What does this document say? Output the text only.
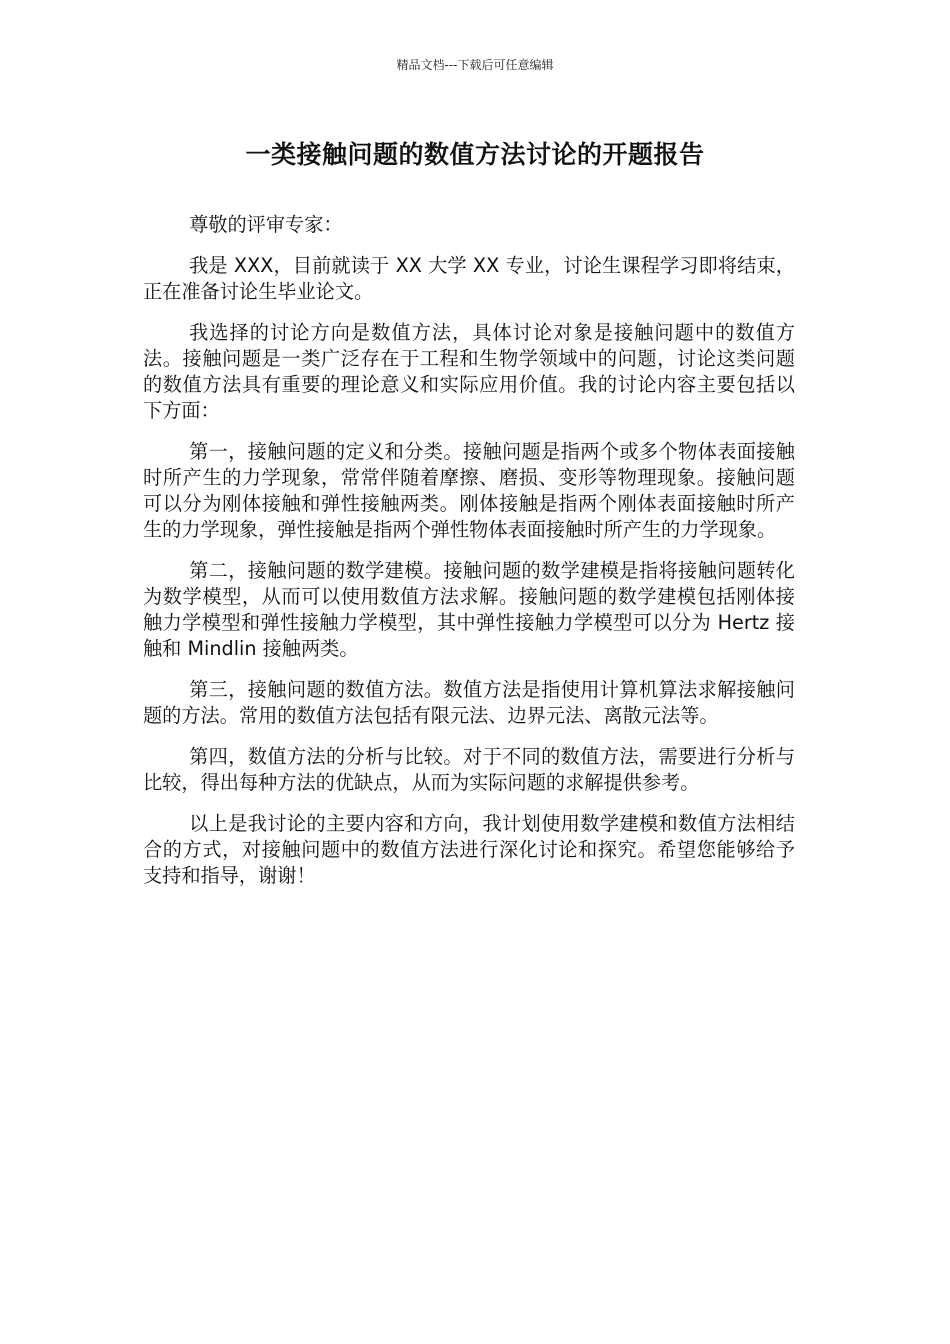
精品文档---下载后可任意编辑
一类接触问题的数值方法讨论的开题报告

尊敬的评审专家：

我是 XXX，目前就读于 XX 大学 XX 专业，讨论生课程学习即将结束，正在准备讨论生毕业论文。

我选择的讨论方向是数值方法，具体讨论对象是接触问题中的数值方法。接触问题是一类广泛存在于工程和生物学领域中的问题，讨论这类问题的数值方法具有重要的理论意义和实际应用价值。我的讨论内容主要包括以下方面：

第一，接触问题的定义和分类。接触问题是指两个或多个物体表面接触时所产生的力学现象，常常伴随着摩擦、磨损、变形等物理现象。接触问题可以分为刚体接触和弹性接触两类。刚体接触是指两个刚体表面接触时所产生的力学现象，弹性接触是指两个弹性物体表面接触时所产生的力学现象。

第二，接触问题的数学建模。接触问题的数学建模是指将接触问题转化为数学模型，从而可以使用数值方法求解。接触问题的数学建模包括刚体接触力学模型和弹性接触力学模型，其中弹性接触力学模型可以分为 Hertz 接触和 Mindlin 接触两类。

第三，接触问题的数值方法。数值方法是指使用计算机算法求解接触问题的方法。常用的数值方法包括有限元法、边界元法、离散元法等。

第四，数值方法的分析与比较。对于不同的数值方法，需要进行分析与比较，得出每种方法的优缺点，从而为实际问题的求解提供参考。

以上是我讨论的主要内容和方向，我计划使用数学建模和数值方法相结合的方式，对接触问题中的数值方法进行深化讨论和探究。希望您能够给予支持和指导，谢谢！
